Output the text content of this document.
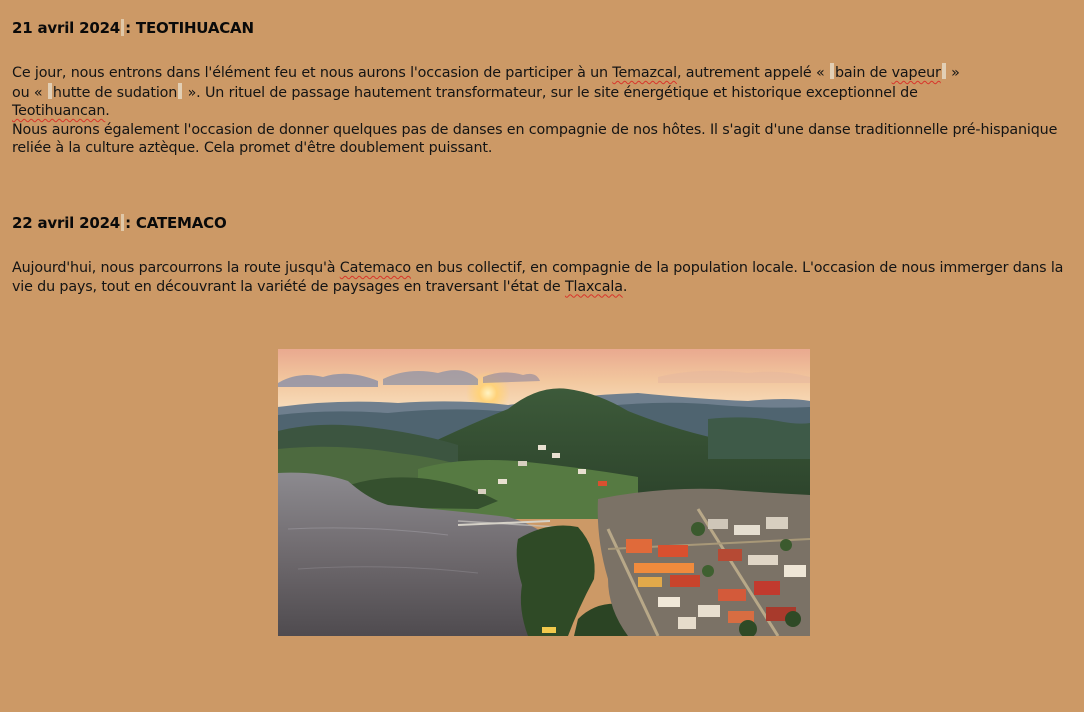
21 avril 2024 : TEOTIHUACAN

Ce jour, nous entrons dans l'élément feu et nous aurons l'occasion de participer à un Temazcal, autrement appelé « bain de vapeur »
ou « hutte de sudation ». Un rituel de passage hautement transformateur, sur le site énergétique et historique exceptionnel de
Teotihuancan.

Nous aurons également l'occasion de donner quelques pas de danses en compagnie de nos hôtes. Il s'agit d'une danse traditionnelle pré-hispanique reliée à la culture aztèque. Cela promet d'être doublement puissant.

22 avril 2024 : CATEMACO

Aujourd'hui, nous parcourrons la route jusqu'à Catemaco en bus collectif, en compagnie de la population locale. L'occasion de nous immerger dans la vie du pays, tout en découvrant la variété de paysages en traversant l'état de Tlaxcala.
